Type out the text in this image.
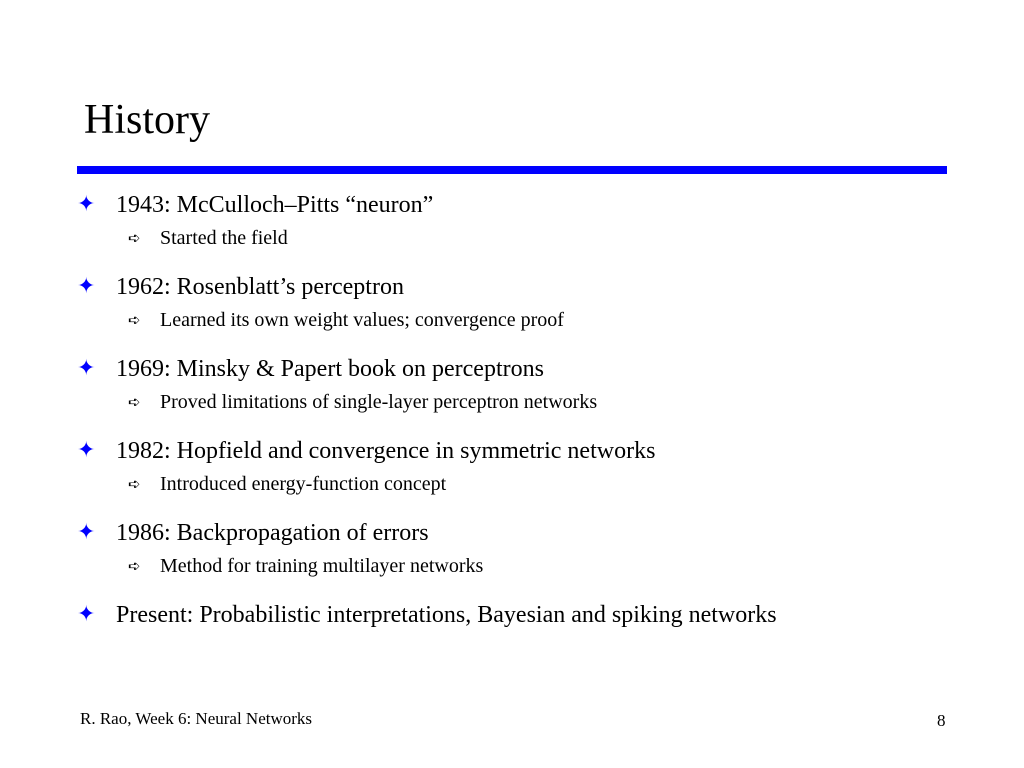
History
✦ 1943: McCulloch–Pitts “neuron”
➪ Started the field
✦ 1962: Rosenblatt’s perceptron
➪ Learned its own weight values; convergence proof
✦ 1969: Minsky & Papert book on perceptrons
➪ Proved limitations of single-layer perceptron networks
✦ 1982: Hopfield and convergence in symmetric networks
➪ Introduced energy-function concept
✦ 1986: Backpropagation of errors
➪ Method for training multilayer networks
✦ Present: Probabilistic interpretations, Bayesian and spiking networks
R. Rao, Week 6: Neural Networks	8
